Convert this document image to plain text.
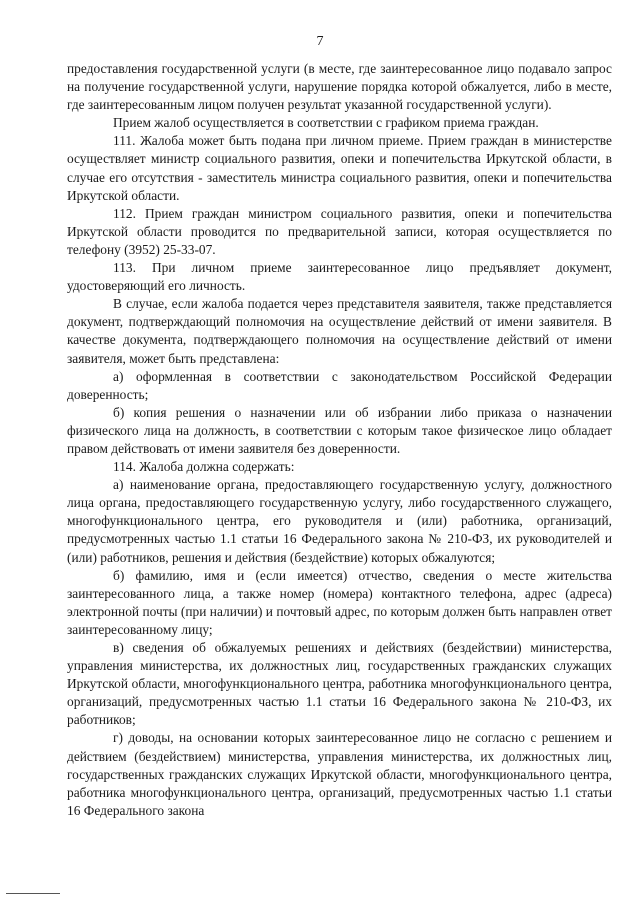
7

предоставления государственной услуги (в месте, где заинтересованное лицо подавало запрос на получение государственной услуги, нарушение порядка которой обжалуется, либо в месте, где заинтересованным лицом получен результат указанной государственной услуги).

Прием жалоб осуществляется в соответствии с графиком приема граждан.

111. Жалоба может быть подана при личном приеме. Прием граждан в министерстве осуществляет министр социального развития, опеки и попечительства Иркутской области, в случае его отсутствия - заместитель министра социального развития, опеки и попечительства Иркутской области.

112. Прием граждан министром социального развития, опеки и попечительства Иркутской области проводится по предварительной записи, которая осуществляется по телефону (3952) 25-33-07.

113. При личном приеме заинтересованное лицо предъявляет документ, удостоверяющий его личность.

В случае, если жалоба подается через представителя заявителя, также представляется документ, подтверждающий полномочия на осуществление действий от имени заявителя. В качестве документа, подтверждающего полномочия на осуществление действий от имени заявителя, может быть представлена:

а) оформленная в соответствии с законодательством Российской Федерации доверенность;

б) копия решения о назначении или об избрании либо приказа о назначении физического лица на должность, в соответствии с которым такое физическое лицо обладает правом действовать от имени заявителя без доверенности.

114. Жалоба должна содержать:

а) наименование органа, предоставляющего государственную услугу, должностного лица органа, предоставляющего государственную услугу, либо государственного служащего, многофункционального центра, его руководителя и (или) работника, организаций, предусмотренных частью 1.1 статьи 16 Федерального закона № 210-ФЗ, их руководителей и (или) работников, решения и действия (бездействие) которых обжалуются;

б) фамилию, имя и (если имеется) отчество, сведения о месте жительства заинтересованного лица, а также номер (номера) контактного телефона, адрес (адреса) электронной почты (при наличии) и почтовый адрес, по которым должен быть направлен ответ заинтересованному лицу;

в) сведения об обжалуемых решениях и действиях (бездействии) министерства, управления министерства, их должностных лиц, государственных гражданских служащих Иркутской области, многофункционального центра, работника многофункционального центра, организаций, предусмотренных частью 1.1 статьи 16 Федерального закона № 210-ФЗ, их работников;

г) доводы, на основании которых заинтересованное лицо не согласно с решением и действием (бездействием) министерства, управления министерства, их должностных лиц, государственных гражданских служащих Иркутской области, многофункционального центра, работника многофункционального центра, организаций, предусмотренных частью 1.1 статьи 16 Федерального закона
